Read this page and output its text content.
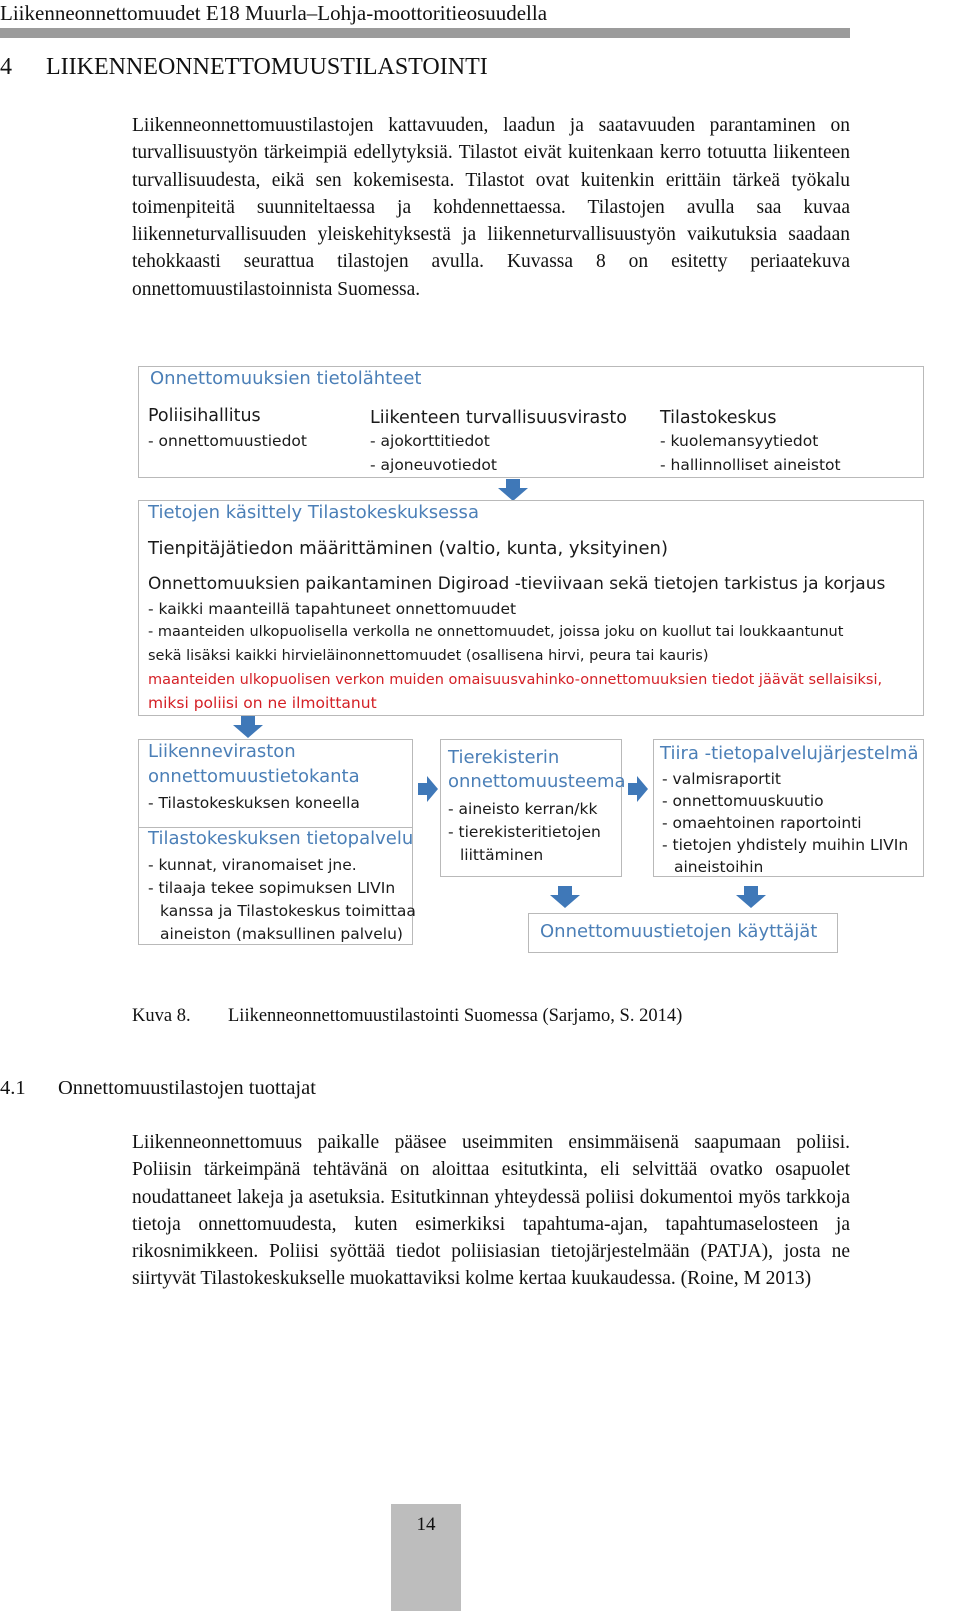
Liikenneonnettomuudet E18 Muurla–Lohja-moottoritieosuudella
4 LIIKENNEONNETTOMUUSTILASTOINTI

Liikenneonnettomuustilastojen kattavuuden, laadun ja saatavuuden parantaminen on turvallisuustyön tärkeimpiä edellytyksiä. Tilastot eivät kuitenkaan kerro totuutta liikenteen turvallisuudesta, eikä sen kokemisesta. Tilastot ovat kuitenkin erittäin tärkeä työkalu toimenpiteitä suunniteltaessa ja kohdennettaessa. Tilastojen avulla saa kuvaa liikenneturvallisuuden yleiskehityksestä ja liikenneturvallisuustyön vaikutuksia saadaan tehokkaasti seurattua tilastojen avulla. Kuvassa 8 on esitetty periaatekuva onnettomuustilastoinnista Suomessa.

Onnettomuuksien tietolähteet
Poliisihallitus
- onnettomuustiedot
Liikenteen turvallisuusvirasto
- ajokorttitiedot
- ajoneuvotiedot
Tilastokeskus
- kuolemansyytiedot
- hallinnolliset aineistot
Tietojen käsittely Tilastokeskuksessa
Tienpitäjätiedon määrittäminen (valtio, kunta, yksityinen)
Onnettomuuksien paikantaminen Digiroad -tieviivaan sekä tietojen tarkistus ja korjaus
- kaikki maanteillä tapahtuneet onnettomuudet
- maanteiden ulkopuolisella verkolla ne onnettomuudet, joissa joku on kuollut tai loukkaantunut
sekä lisäksi kaikki hirvieläinonnettomuudet (osallisena hirvi, peura tai kauris)
maanteiden ulkopuolisen verkon muiden omaisuusvahinko-onnettomuuksien tiedot jäävät sellaisiksi,
miksi poliisi on ne ilmoittanut
Liikenneviraston
onnettomuustietokanta
- Tilastokeskuksen koneella
Tilastokeskuksen tietopalvelu
- kunnat, viranomaiset jne.
- tilaaja tekee sopimuksen LIVIn
kanssa ja Tilastokeskus toimittaa
aineiston (maksullinen palvelu)
Tierekisterin
onnettomuusteema
- aineisto kerran/kk
- tierekisteritietojen
liittäminen
Tiira -tietopalvelujärjestelmä
- valmisraportit
- onnettomuuskuutio
- omaehtoinen raportointi
- tietojen yhdistely muihin LIVIn
aineistoihin
Onnettomuustietojen käyttäjät
Kuva 8. Liikenneonnettomuustilastointi Suomessa (Sarjamo, S. 2014)
4.1 Onnettomuustilastojen tuottajat

Liikenneonnettomuus paikalle pääsee useimmiten ensimmäisenä saapumaan poliisi. Poliisin tärkeimpänä tehtävänä on aloittaa esitutkinta, eli selvittää ovatko osapuolet noudattaneet lakeja ja asetuksia. Esitutkinnan yhteydessä poliisi dokumentoi myös tarkkoja tietoja onnettomuudesta, kuten esimerkiksi tapahtuma-ajan, tapahtumaselosteen ja rikosnimikkeen. Poliisi syöttää tiedot poliisiasian tietojärjestelmään (PATJA), josta ne siirtyvät Tilastokeskukselle muokattaviksi kolme kertaa kuukaudessa. (Roine, M 2013)

14
